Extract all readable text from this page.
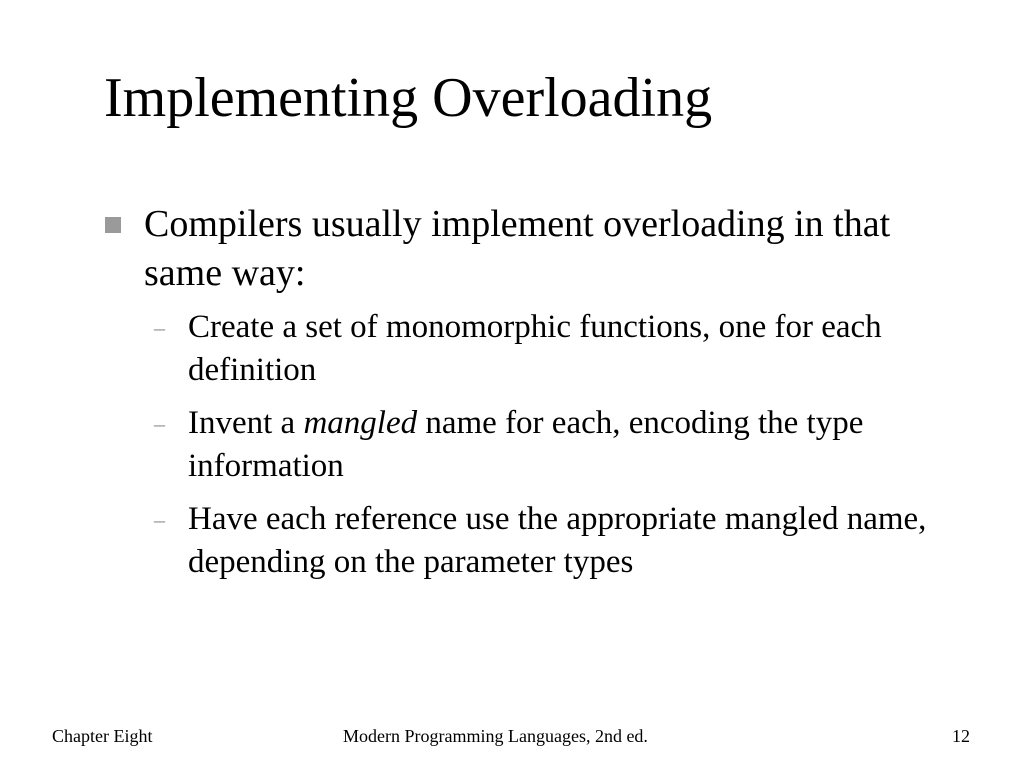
Implementing Overloading
Compilers usually implement overloading in that same way:
– Create a set of monomorphic functions, one for each definition
– Invent a mangled name for each, encoding the type information
– Have each reference use the appropriate mangled name, depending on the parameter types
Chapter Eight	Modern Programming Languages, 2nd ed.	12
